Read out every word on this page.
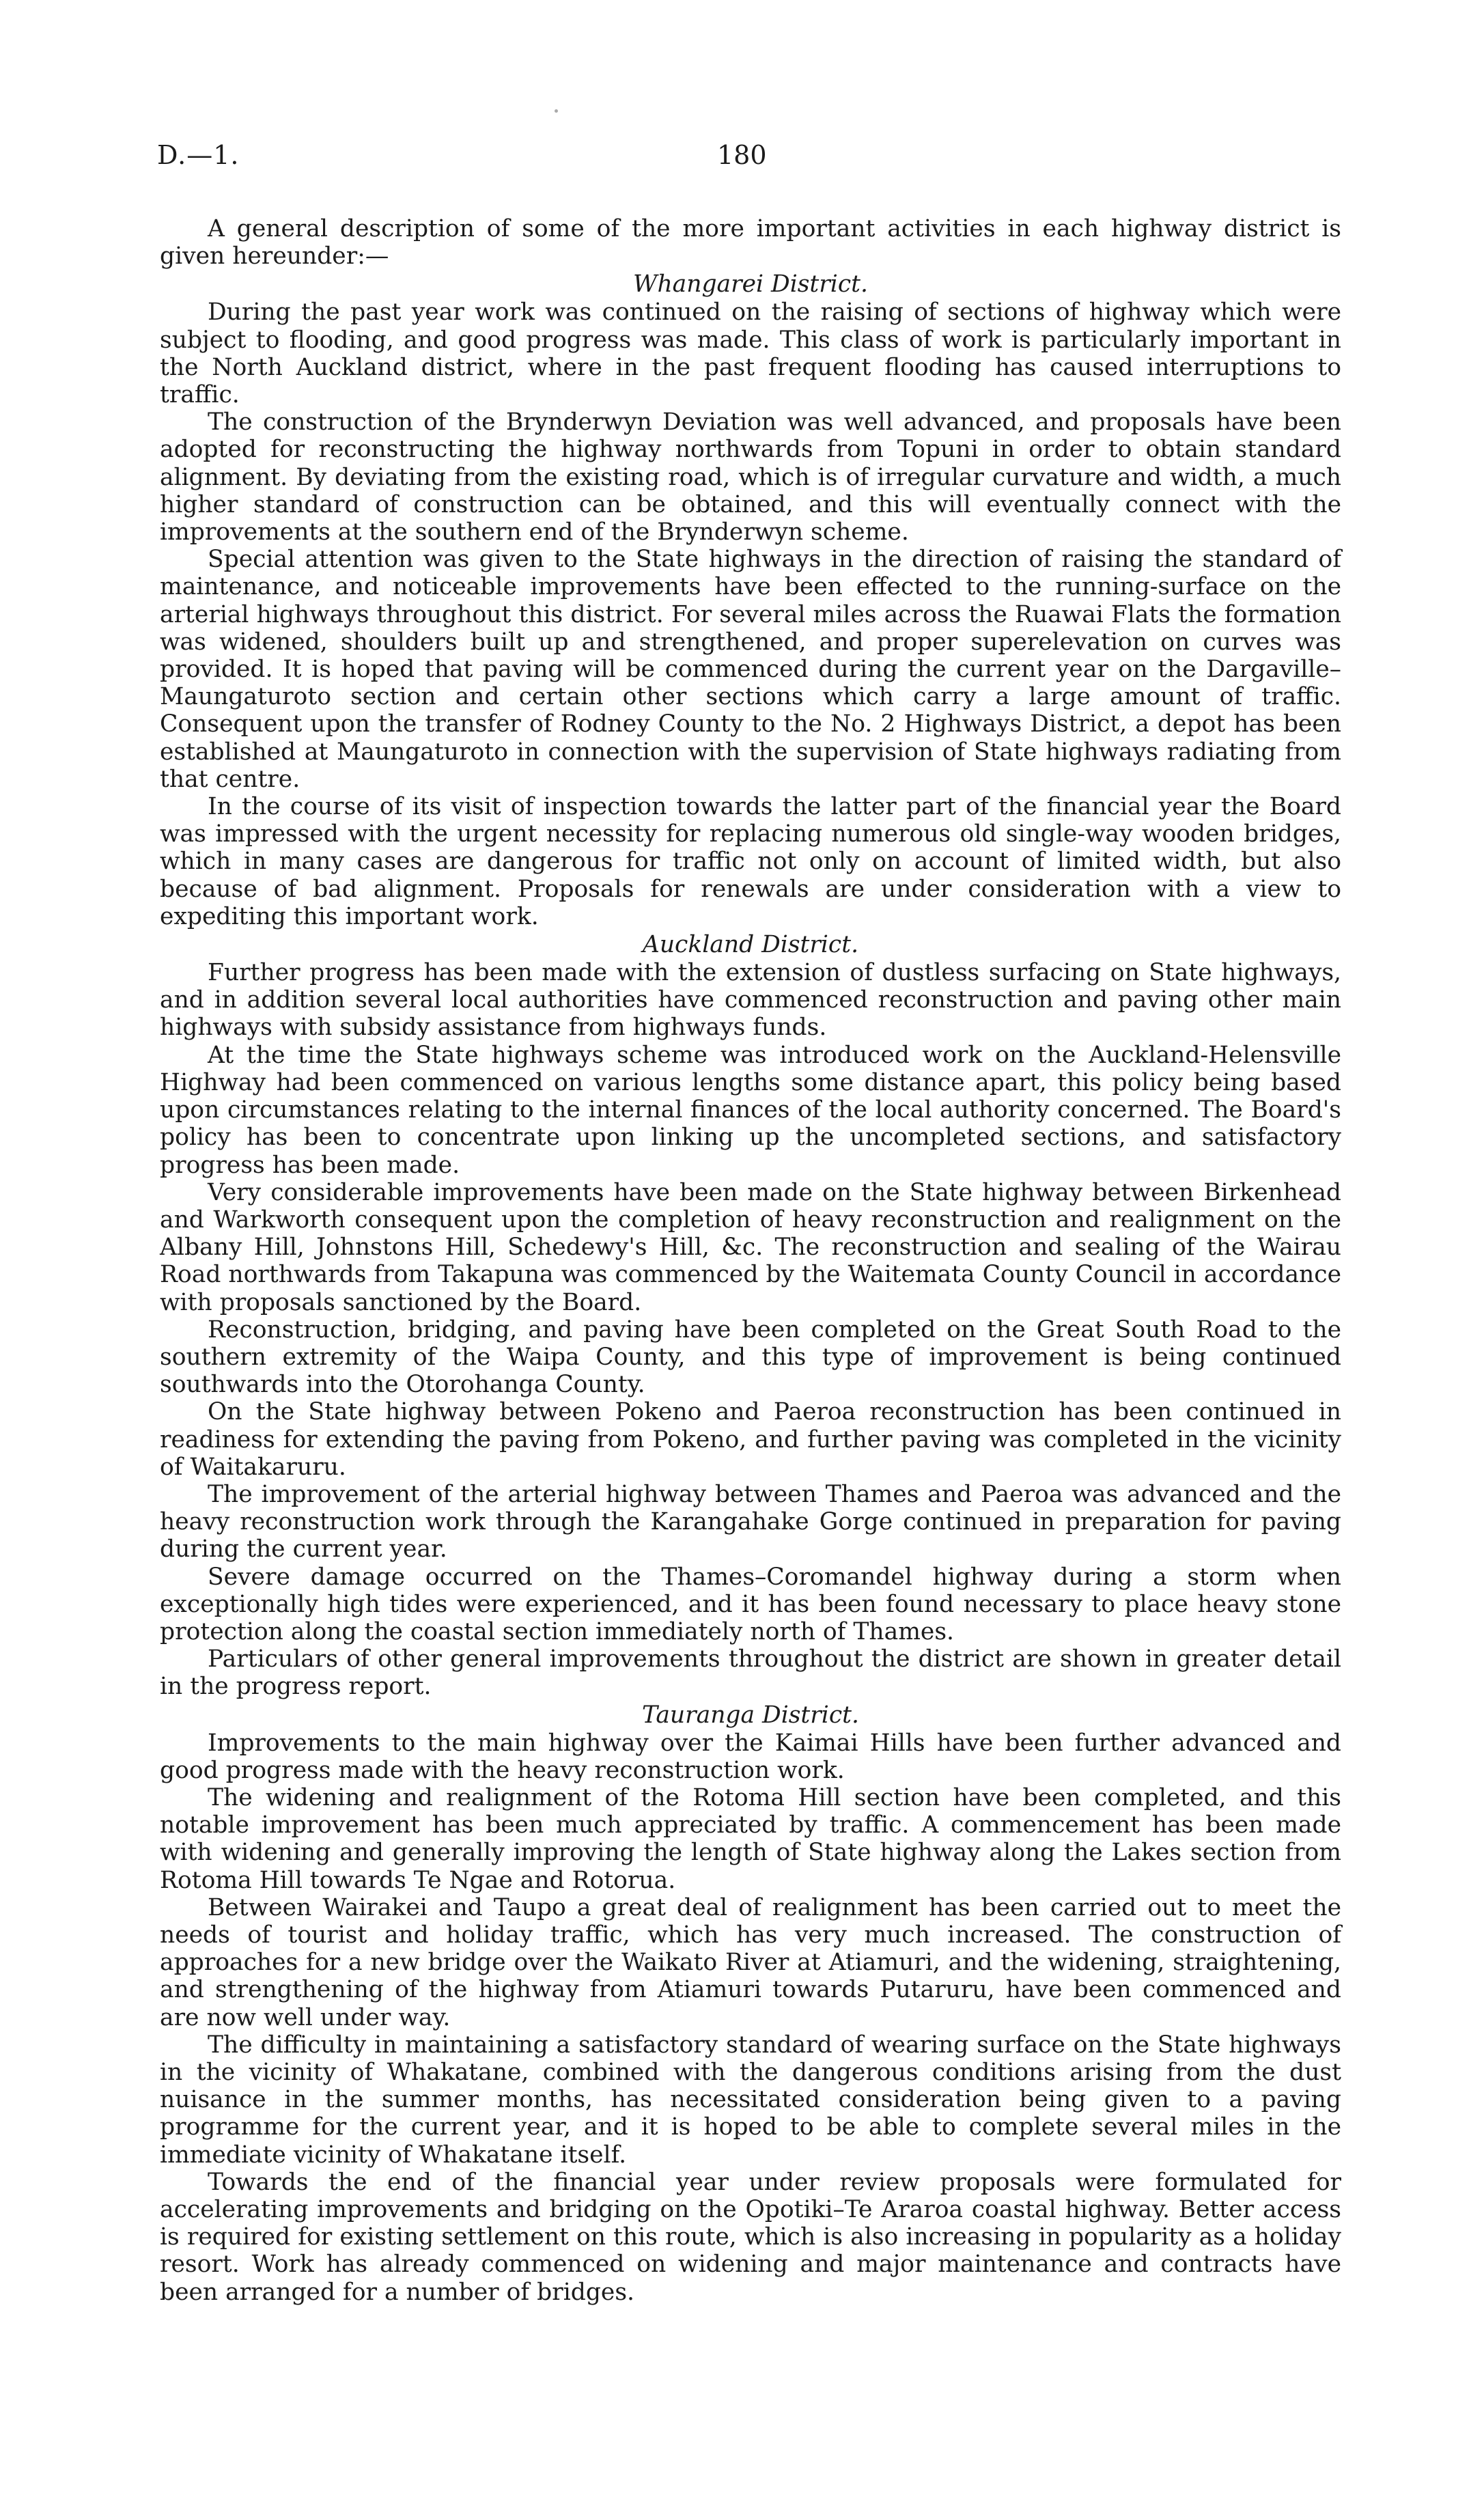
D.—1.	180

A general description of some of the more important activities in each highway district is given hereunder:—

Whangarei District.

During the past year work was continued on the raising of sections of highway which were subject to flooding, and good progress was made. This class of work is particularly important in the North Auckland district, where in the past frequent flooding has caused interruptions to traffic.

The construction of the Brynderwyn Deviation was well advanced, and proposals have been adopted for reconstructing the highway northwards from Topuni in order to obtain standard alignment. By deviating from the existing road, which is of irregular curvature and width, a much higher standard of construction can be obtained, and this will eventually connect with the improvements at the southern end of the Brynderwyn scheme.

Special attention was given to the State highways in the direction of raising the standard of maintenance, and noticeable improvements have been effected to the running-surface on the arterial highways throughout this district. For several miles across the Ruawai Flats the formation was widened, shoulders built up and strengthened, and proper superelevation on curves was provided. It is hoped that paving will be commenced during the current year on the Dargaville–Maungaturoto section and certain other sections which carry a large amount of traffic. Consequent upon the transfer of Rodney County to the No. 2 Highways District, a depot has been established at Maungaturoto in connection with the supervision of State highways radiating from that centre.

In the course of its visit of inspection towards the latter part of the financial year the Board was impressed with the urgent necessity for replacing numerous old single-way wooden bridges, which in many cases are dangerous for traffic not only on account of limited width, but also because of bad alignment. Proposals for renewals are under consideration with a view to expediting this important work.

Auckland District.

Further progress has been made with the extension of dustless surfacing on State highways, and in addition several local authorities have commenced reconstruction and paving other main highways with subsidy assistance from highways funds.

At the time the State highways scheme was introduced work on the Auckland-Helensville Highway had been commenced on various lengths some distance apart, this policy being based upon circumstances relating to the internal finances of the local authority concerned. The Board's policy has been to concentrate upon linking up the uncompleted sections, and satisfactory progress has been made.

Very considerable improvements have been made on the State highway between Birkenhead and Warkworth consequent upon the completion of heavy reconstruction and realignment on the Albany Hill, Johnstons Hill, Schedewy's Hill, &c. The reconstruction and sealing of the Wairau Road northwards from Takapuna was commenced by the Waitemata County Council in accordance with proposals sanctioned by the Board.

Reconstruction, bridging, and paving have been completed on the Great South Road to the southern extremity of the Waipa County, and this type of improvement is being continued southwards into the Otorohanga County.

On the State highway between Pokeno and Paeroa reconstruction has been continued in readiness for extending the paving from Pokeno, and further paving was completed in the vicinity of Waitakaruru.

The improvement of the arterial highway between Thames and Paeroa was advanced and the heavy reconstruction work through the Karangahake Gorge continued in preparation for paving during the current year.

Severe damage occurred on the Thames–Coromandel highway during a storm when exceptionally high tides were experienced, and it has been found necessary to place heavy stone protection along the coastal section immediately north of Thames.

Particulars of other general improvements throughout the district are shown in greater detail in the progress report.

Tauranga District.

Improvements to the main highway over the Kaimai Hills have been further advanced and good progress made with the heavy reconstruction work.

The widening and realignment of the Rotoma Hill section have been completed, and this notable improvement has been much appreciated by traffic. A commencement has been made with widening and generally improving the length of State highway along the Lakes section from Rotoma Hill towards Te Ngae and Rotorua.

Between Wairakei and Taupo a great deal of realignment has been carried out to meet the needs of tourist and holiday traffic, which has very much increased. The construction of approaches for a new bridge over the Waikato River at Atiamuri, and the widening, straightening, and strengthening of the highway from Atiamuri towards Putaruru, have been commenced and are now well under way.

The difficulty in maintaining a satisfactory standard of wearing surface on the State highways in the vicinity of Whakatane, combined with the dangerous conditions arising from the dust nuisance in the summer months, has necessitated consideration being given to a paving programme for the current year, and it is hoped to be able to complete several miles in the immediate vicinity of Whakatane itself.

Towards the end of the financial year under review proposals were formulated for accelerating improvements and bridging on the Opotiki–Te Araroa coastal highway. Better access is required for existing settlement on this route, which is also increasing in popularity as a holiday resort. Work has already commenced on widening and major maintenance and contracts have been arranged for a number of bridges.
